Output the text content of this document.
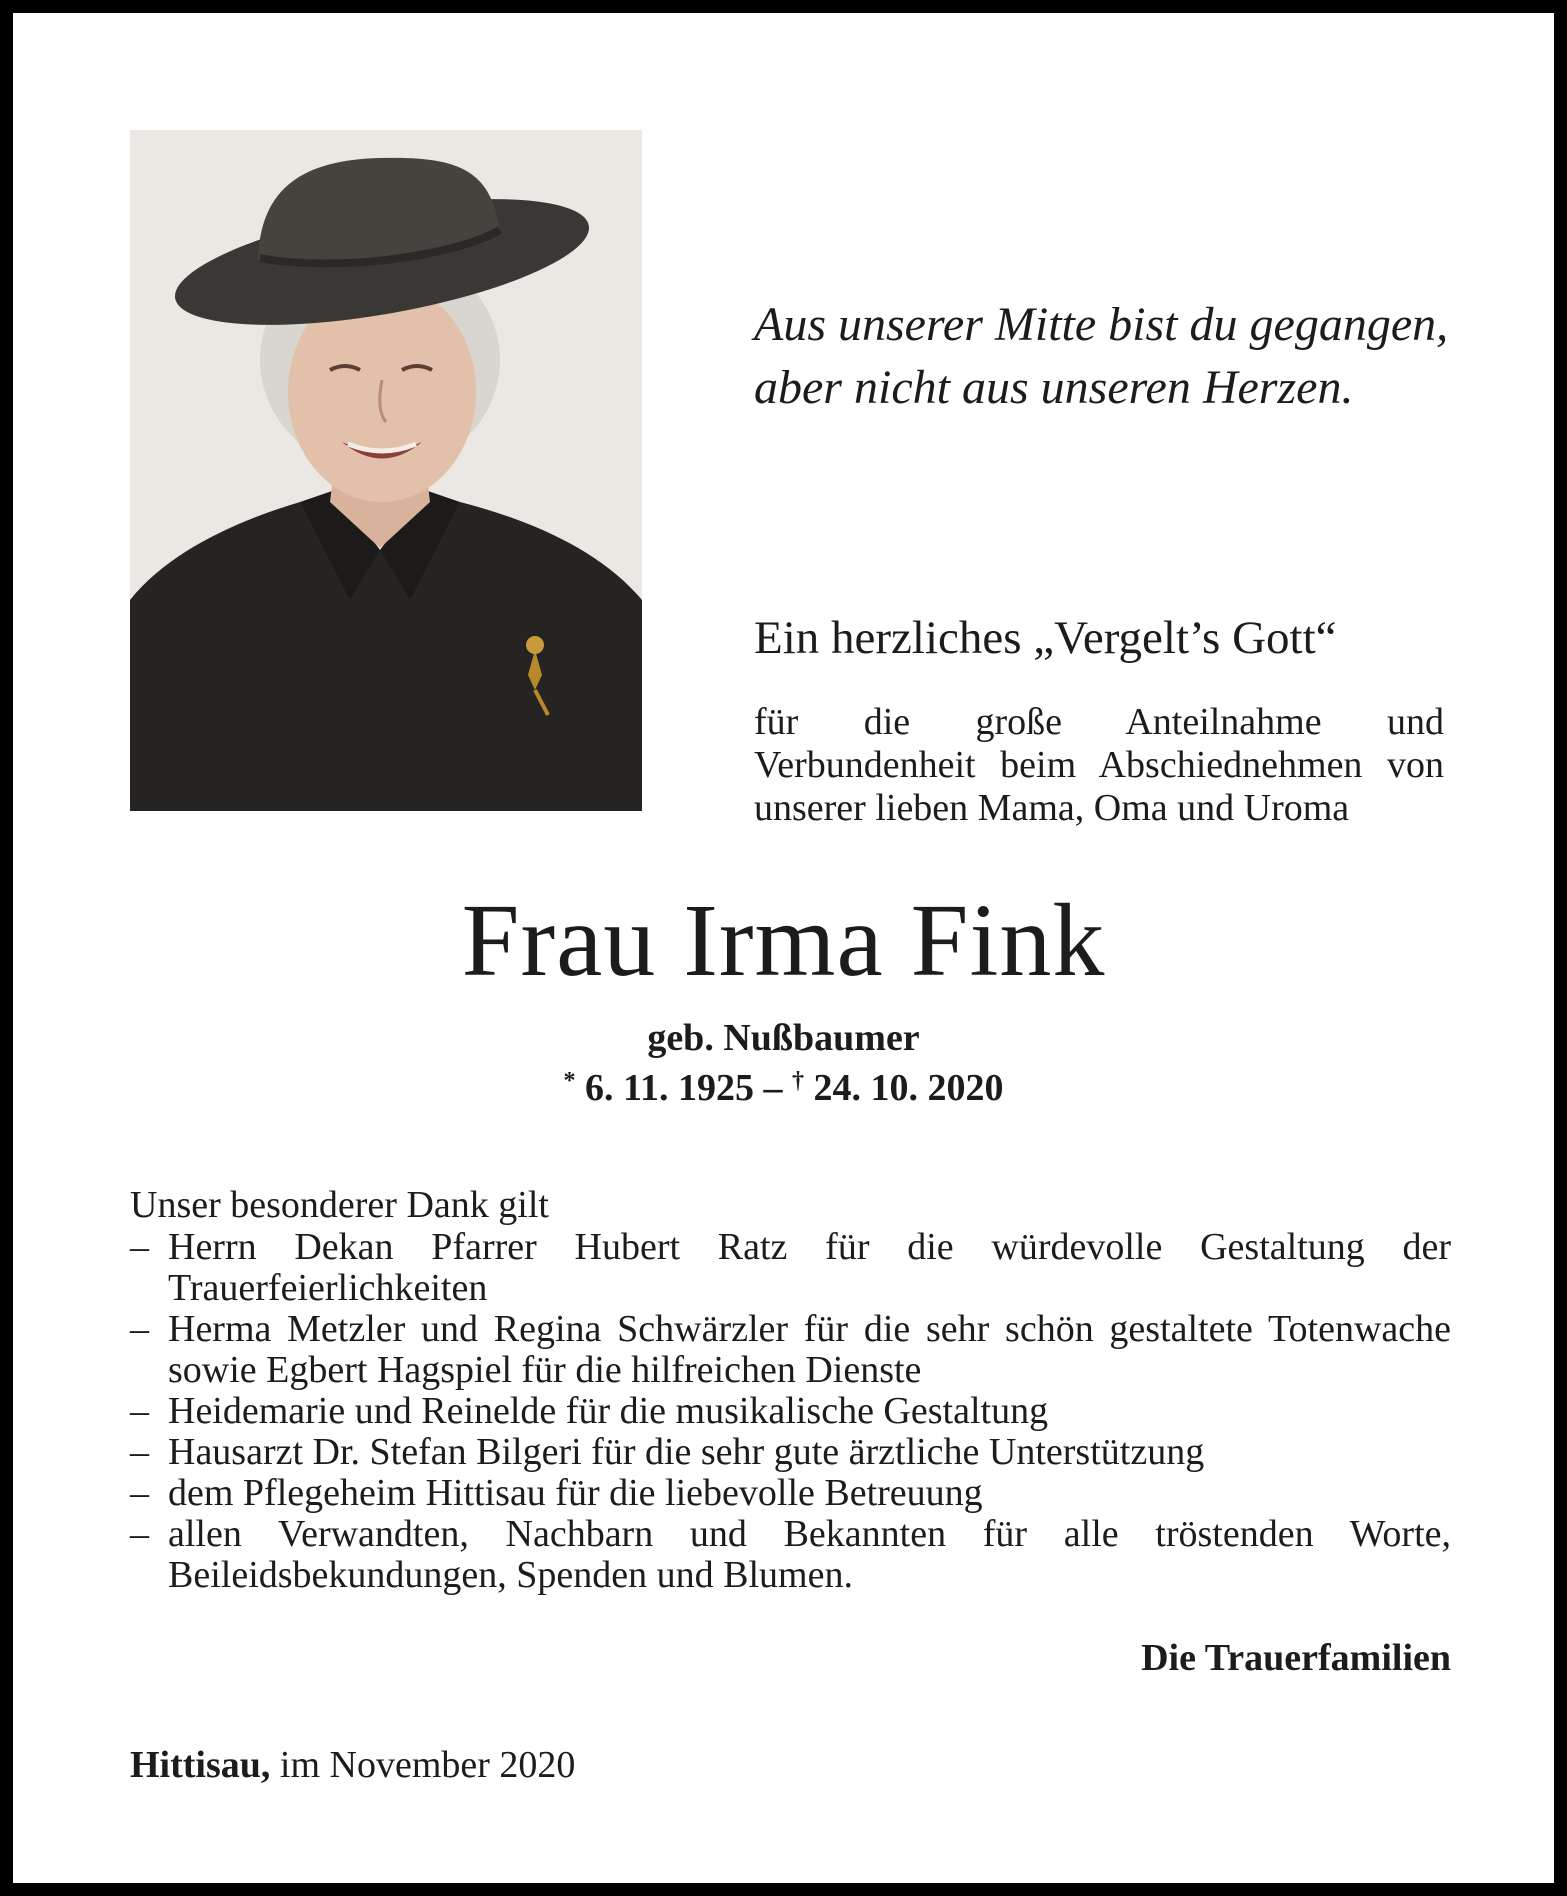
Aus unserer Mitte bist du gegangen,
aber nicht aus unseren Herzen.

Ein herzliches „Vergelt’s Gott“

für die große Anteilnahme und Verbundenheit beim Abschiednehmen von unserer lieben Mama, Oma und Uroma

Frau Irma Fink

geb. Nußbaumer

* 6. 11. 1925 – † 24. 10. 2020

Unser besonderer Dank gilt

– Herrn Dekan Pfarrer Hubert Ratz für die würdevolle Gestaltung der Trauerfeierlichkeiten
– Herma Metzler und Regina Schwärzler für die sehr schön gestaltete Totenwache sowie Egbert Hagspiel für die hilfreichen Dienste
– Heidemarie und Reinelde für die musikalische Gestaltung
– Hausarzt Dr. Stefan Bilgeri für die sehr gute ärztliche Unterstützung
– dem Pflegeheim Hittisau für die liebevolle Betreuung
– allen Verwandten, Nachbarn und Bekannten für alle tröstenden Worte, Beileidsbekundungen, Spenden und Blumen.

Die Trauerfamilien

Hittisau, im November 2020
